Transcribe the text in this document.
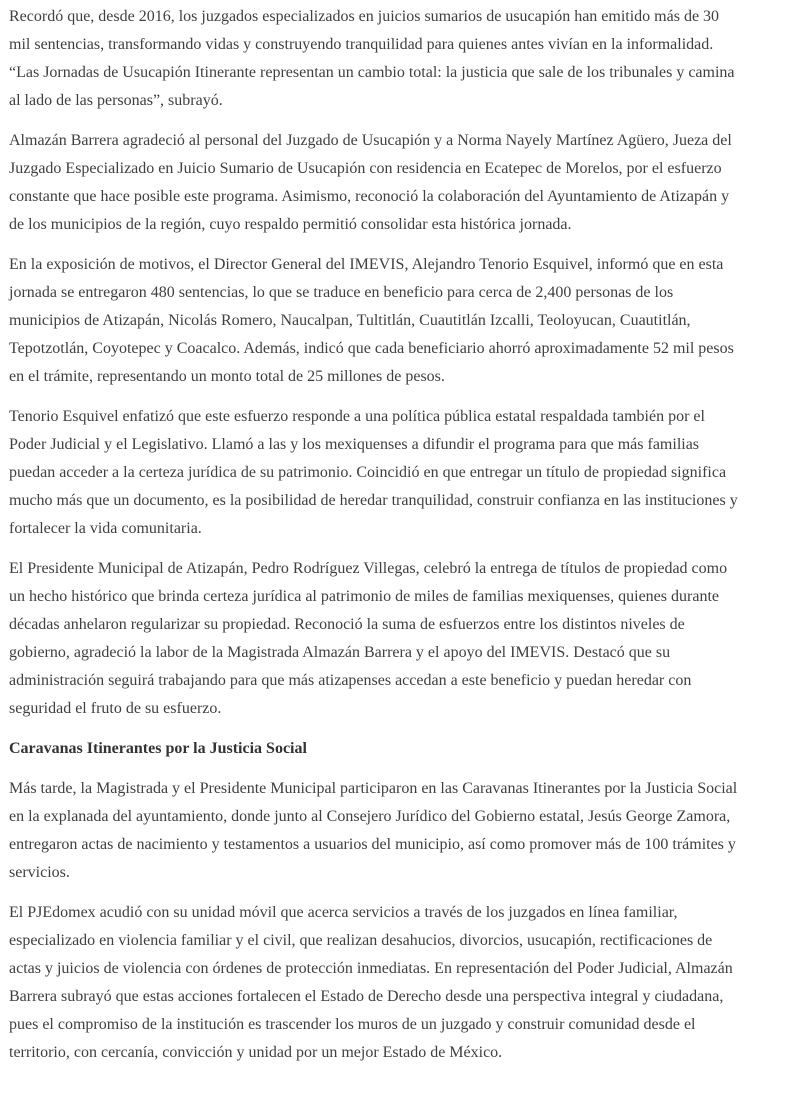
Recordó que, desde 2016, los juzgados especializados en juicios sumarios de usucapión han emitido más de 30 mil sentencias, transformando vidas y construyendo tranquilidad para quienes antes vivían en la informalidad. “Las Jornadas de Usucapión Itinerante representan un cambio total: la justicia que sale de los tribunales y camina al lado de las personas”, subrayó.

Almazán Barrera agradeció al personal del Juzgado de Usucapión y a Norma Nayely Martínez Agüero, Jueza del Juzgado Especializado en Juicio Sumario de Usucapión con residencia en Ecatepec de Morelos, por el esfuerzo constante que hace posible este programa. Asimismo, reconoció la colaboración del Ayuntamiento de Atizapán y de los municipios de la región, cuyo respaldo permitió consolidar esta histórica jornada.

En la exposición de motivos, el Director General del IMEVIS, Alejandro Tenorio Esquivel, informó que en esta jornada se entregaron 480 sentencias, lo que se traduce en beneficio para cerca de 2,400 personas de los municipios de Atizapán, Nicolás Romero, Naucalpan, Tultitlán, Cuautitlán Izcalli, Teoloyucan, Cuautitlán, Tepotzotlán, Coyotepec y Coacalco. Además, indicó que cada beneficiario ahorró aproximadamente 52 mil pesos en el trámite, representando un monto total de 25 millones de pesos.

Tenorio Esquivel enfatizó que este esfuerzo responde a una política pública estatal respaldada también por el Poder Judicial y el Legislativo. Llamó a las y los mexiquenses a difundir el programa para que más familias puedan acceder a la certeza jurídica de su patrimonio. Coincidió en que entregar un título de propiedad significa mucho más que un documento, es la posibilidad de heredar tranquilidad, construir confianza en las instituciones y fortalecer la vida comunitaria.

El Presidente Municipal de Atizapán, Pedro Rodríguez Villegas, celebró la entrega de títulos de propiedad como un hecho histórico que brinda certeza jurídica al patrimonio de miles de familias mexiquenses, quienes durante décadas anhelaron regularizar su propiedad. Reconoció la suma de esfuerzos entre los distintos niveles de gobierno, agradeció la labor de la Magistrada Almazán Barrera y el apoyo del IMEVIS. Destacó que su administración seguirá trabajando para que más atizapenses accedan a este beneficio y puedan heredar con seguridad el fruto de su esfuerzo.

Caravanas Itinerantes por la Justicia Social

Más tarde, la Magistrada y el Presidente Municipal participaron en las Caravanas Itinerantes por la Justicia Social en la explanada del ayuntamiento, donde junto al Consejero Jurídico del Gobierno estatal, Jesús George Zamora, entregaron actas de nacimiento y testamentos a usuarios del municipio, así como promover más de 100 trámites y servicios.

El PJEdomex acudió con su unidad móvil que acerca servicios a través de los juzgados en línea familiar, especializado en violencia familiar y el civil, que realizan desahucios, divorcios, usucapión, rectificaciones de actas y juicios de violencia con órdenes de protección inmediatas. En representación del Poder Judicial, Almazán Barrera subrayó que estas acciones fortalecen el Estado de Derecho desde una perspectiva integral y ciudadana, pues el compromiso de la institución es trascender los muros de un juzgado y construir comunidad desde el territorio, con cercanía, convicción y unidad por un mejor Estado de México.
